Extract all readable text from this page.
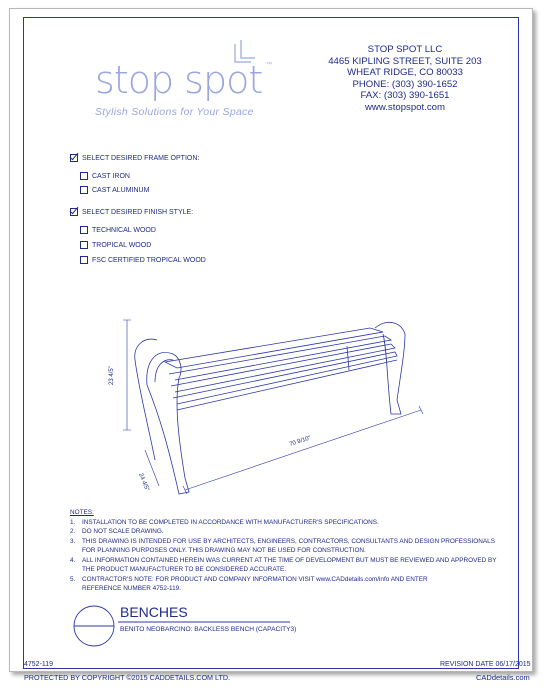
stop spot ™
Stylish Solutions for Your Space
STOP SPOT LLC
4465 KIPLING STREET, SUITE 203
WHEAT RIDGE, CO 80033
PHONE: (303) 390-1652
FAX: (303) 390-1651
www.stopspot.com
SELECT DESIRED FRAME OPTION:
CAST IRON
CAST ALUMINUM
SELECT DESIRED FINISH STYLE:
TECHNICAL WOOD
TROPICAL WOOD
FSC CERTIFIED TROPICAL WOOD
23 4/5"
24 4/5"
70 9/10"
NOTES:
1.	INSTALLATION TO BE COMPLETED IN ACCORDANCE WITH MANUFACTURER'S SPECIFICATIONS.
2.	DO NOT SCALE DRAWING.
3.	THIS DRAWING IS INTENDED FOR USE BY ARCHITECTS, ENGINEERS, CONTRACTORS, CONSULTANTS AND DESIGN PROFESSIONALS
FOR PLANNING PURPOSES ONLY. THIS DRAWING MAY NOT BE USED FOR CONSTRUCTION.
4.	ALL INFORMATION CONTAINED HEREIN WAS CURRENT AT THE TIME OF DEVELOPMENT BUT MUST BE REVIEWED AND APPROVED BY
THE PRODUCT MANUFACTURER TO BE CONSIDERED ACCURATE.
5.	CONTRACTOR'S NOTE: FOR PRODUCT AND COMPANY INFORMATION VISIT www.CADdetails.com/info AND ENTER
REFERENCE NUMBER 4752-119.
BENCHES
BENITO NEOBARCINO: BACKLESS BENCH (CAPACITY3)
4752-119	REVISION DATE 06/17/2015
PROTECTED BY COPYRIGHT ©2015 CADDETAILS.COM LTD.	CADdetails.com
